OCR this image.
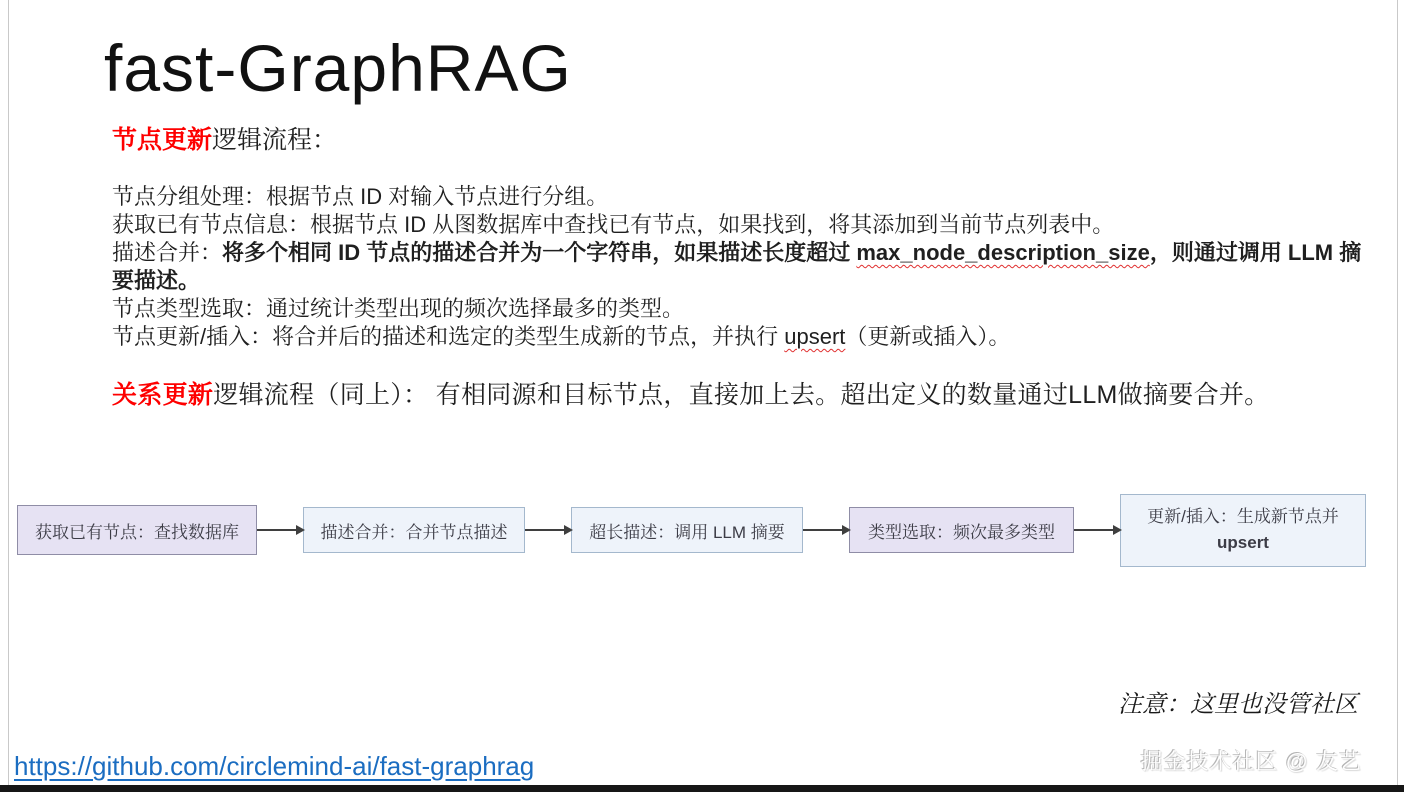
fast-GraphRAG

节点更新逻辑流程：

节点分组处理：根据节点 ID 对输入节点进行分组。

获取已有节点信息：根据节点 ID 从图数据库中查找已有节点，如果找到，将其添加到当前节点列表中。

描述合并：将多个相同 ID 节点的描述合并为一个字符串，如果描述长度超过 max_node_description_size，则通过调用 LLM 摘要描述。

节点类型选取：通过统计类型出现的频次选择最多的类型。

节点更新/插入：将合并后的描述和选定的类型生成新的节点，并执行 upsert（更新或插入）。

关系更新逻辑流程（同上）： 有相同源和目标节点，直接加上去。超出定义的数量通过LLM做摘要合并。

获取已有节点：查找数据库	描述合并：合并节点描述	超长描述：调用 LLM 摘要	类型选取：频次最多类型
更新/插入：生成新节点并
upsert

注意：这里也没管社区

https://github.com/circlemind-ai/fast-graphrag	掘金技术社区 @ 友艺
